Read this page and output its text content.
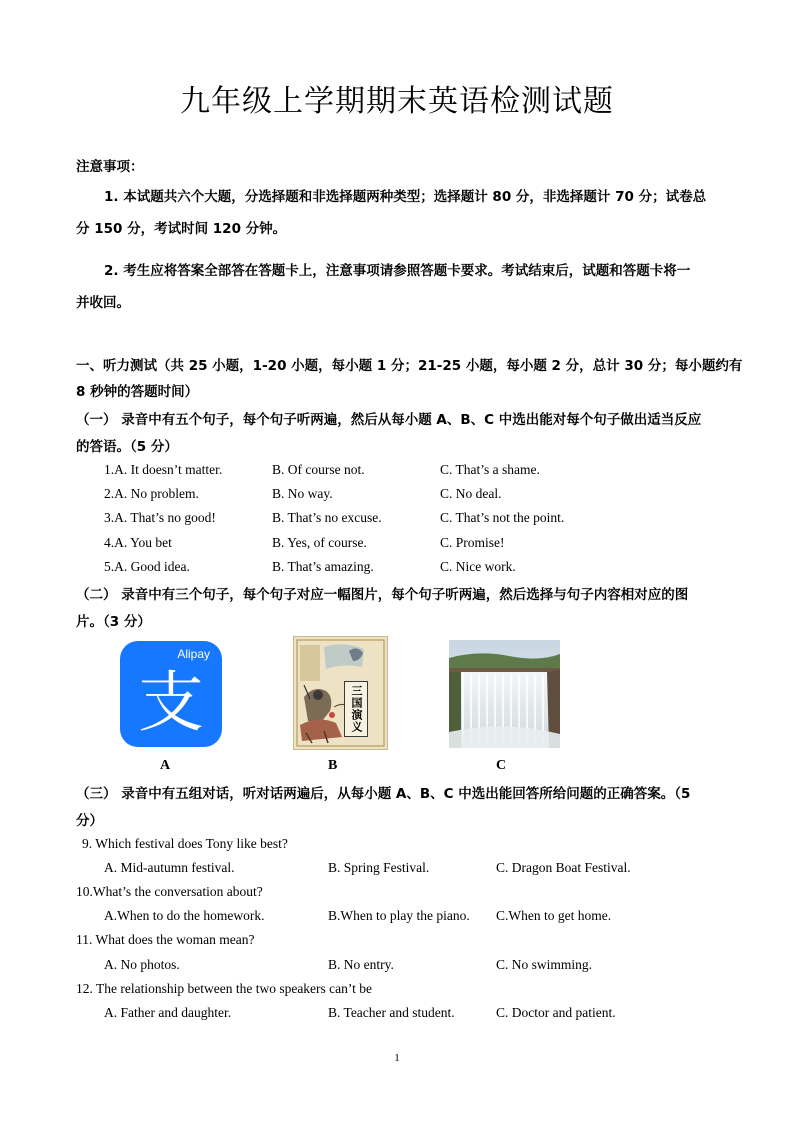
九年级上学期期末英语检测试题
注意事项：
1. 本试题共六个大题，分选择题和非选择题两种类型；选择题计 80 分，非选择题计 70 分；试卷总
分 150 分，考试时间 120 分钟。
2. 考生应将答案全部答在答题卡上，注意事项请参照答题卡要求。考试结束后，试题和答题卡将一
并收回。
一、听力测试（共 25 小题，1-20 小题，每小题 1 分；21-25 小题，每小题 2 分，总计 30 分；每小题约有
8 秒钟的答题时间）
（一） 录音中有五个句子，每个句子听两遍，然后从每小题 A、B、C 中选出能对每个句子做出适当反应
的答语。（5 分）
1.A. It doesn’t matter.	B. Of course not.	C. That’s a shame.
2.A. No problem.	B. No way.	C. No deal.
3.A. That’s no good!	B. That’s no excuse.	C. That’s not the point.
4.A. You bet	B. Yes, of course.	C. Promise!
5.A. Good idea.	B. That’s amazing.	C. Nice work.
（二） 录音中有三个句子，每个句子对应一幅图片，每个句子听两遍，然后选择与句子内容相对应的图
片。（3 分）
Alipay
支	三国演义
A	B	C
（三） 录音中有五组对话，听对话两遍后，从每小题 A、B、C 中选出能回答所给问题的正确答案。（5
分）
9. Which festival does Tony like best?
A. Mid-autumn festival.	B. Spring Festival.	C. Dragon Boat Festival.
10.What’s the conversation about?
A.When to do the homework.	B.When to play the piano. C.When to get home.
11. What does the woman mean?
A. No photos.	B. No entry.	C. No swimming.
12. The relationship between the two speakers can’t be
A. Father and daughter.	B. Teacher and student.	C. Doctor and patient.
1
